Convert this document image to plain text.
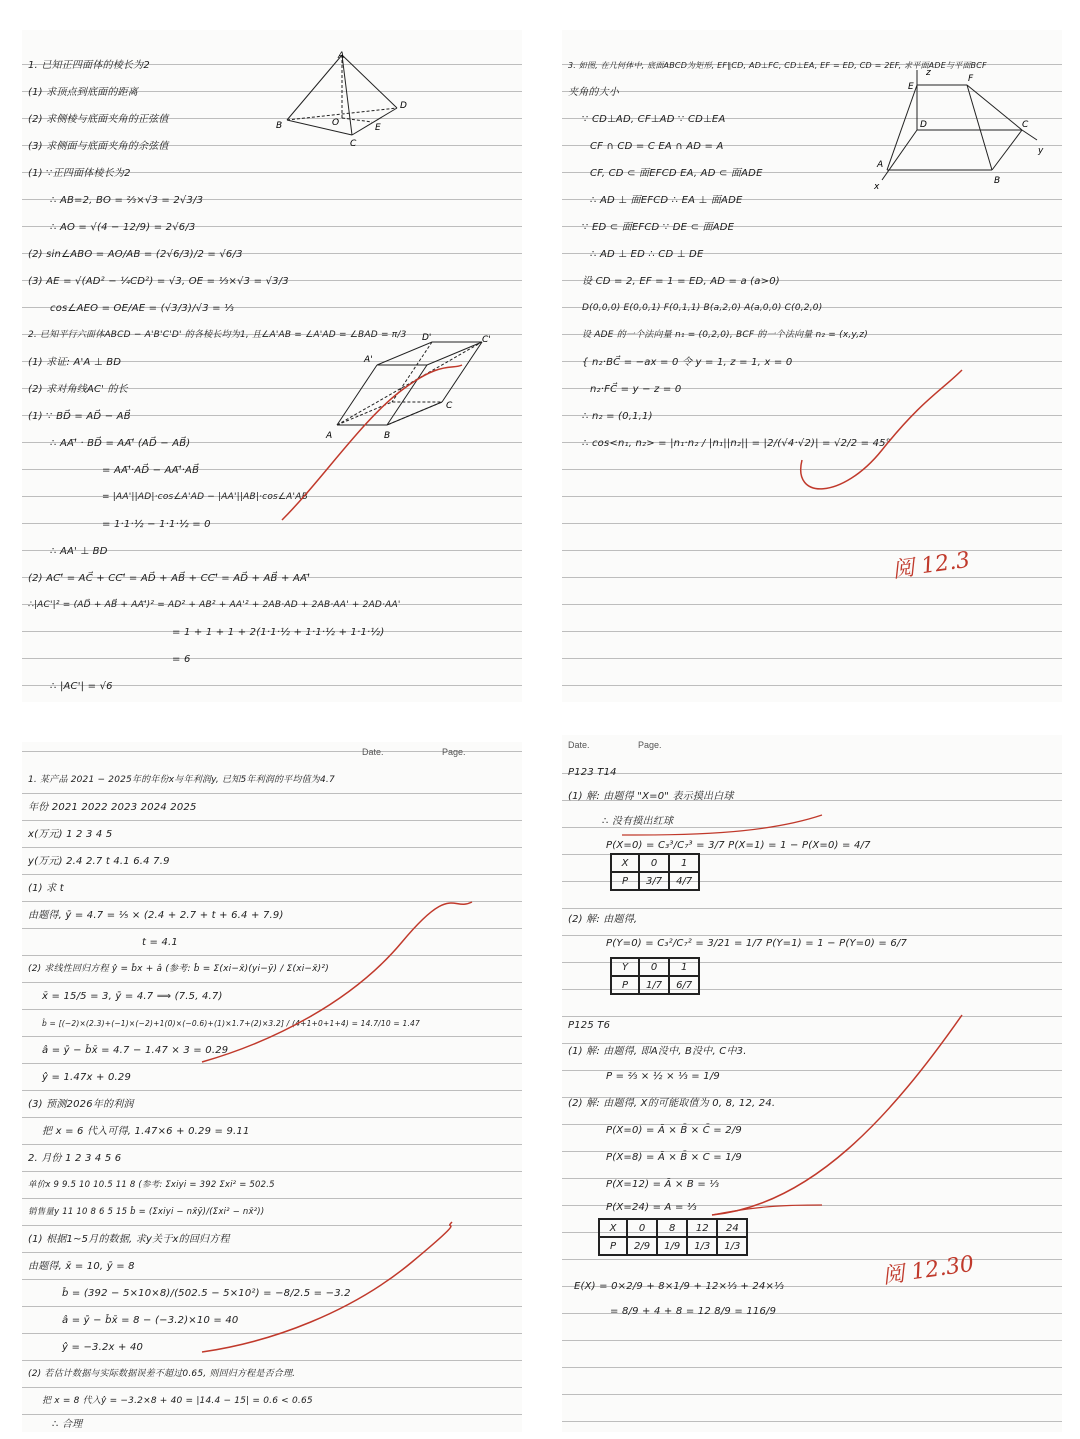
1. 已知正四面体的棱长为2
(1) 求顶点到底面的距离
(2) 求侧棱与底面夹角的正弦值
(3) 求侧面与底面夹角的余弦值
(1) ∵正四面体棱长为2
∴ AB=2, BO = ⅔×√3 = 2√3/3
∴ AO = √(4 − 12/9) = 2√6/3
(2) sin∠ABO = AO/AB = (2√6/3)/2 = √6/3
(3) AE = √(AD² − ¼CD²) = √3, OE = ⅓×√3 = √3/3
cos∠AEO = OE/AE = (√3/3)/√3 = ⅓
2. 已知平行六面体ABCD − A'B'C'D' 的各棱长均为1, 且∠A'AB = ∠A'AD = ∠BAD = π/3
(1) 求证: A'A ⊥ BD
(2) 求对角线AC' 的长
(1) ∵ BD⃗ = AD⃗ − AB⃗
∴ AA'⃗ · BD⃗ = AA'⃗ (AD⃗ − AB⃗)
= AA'⃗·AD⃗ − AA'⃗·AB⃗
= |AA'||AD|·cos∠A'AD − |AA'||AB|·cos∠A'AB
= 1·1·½ − 1·1·½ = 0
∴ AA' ⊥ BD
(2) AC'⃗ = AC⃗ + CC'⃗ = AD⃗ + AB⃗ + CC'⃗ = AD⃗ + AB⃗ + AA'⃗
∴|AC'|² = (AD⃗ + AB⃗ + AA'⃗)² = AD² + AB² + AA'² + 2AB·AD + 2AB·AA' + 2AD·AA'
= 1 + 1 + 1 + 2(1·1·½ + 1·1·½ + 1·1·½)
= 6
∴ |AC'| = √6
A
B
D
C
O	E
A'
D'	C'
A	B
C
3. 如图, 在几何体中, 底面ABCD为矩形, EF∥CD, AD⊥FC, CD⊥EA, EF = ED, CD = 2EF, 求平面ADE与平面BCF
夹角的大小
∵ CD⊥AD, CF⊥AD ∵ CD⊥EA
CF ∩ CD = C EA ∩ AD = A
CF, CD ⊂ 面EFCD EA, AD ⊂ 面ADE
∴ AD ⊥ 面EFCD ∴ EA ⊥ 面ADE
∵ ED ⊂ 面EFCD ∵ DE ⊂ 面ADE
∴ AD ⊥ ED ∴ CD ⊥ DE
设 CD = 2, EF = 1 = ED, AD = a (a>0)
D(0,0,0) E(0,0,1) F(0,1,1) B(a,2,0) A(a,0,0) C(0,2,0)
设 ADE 的一个法向量 n₁ = (0,2,0), BCF 的一个法向量 n₂ = (x,y,z)
{ n₂·BC⃗ = −ax = 0 令 y = 1, z = 1, x = 0
n₂·FC⃗ = y − z = 0
∴ n₂ = (0,1,1)
∴ cos<n₁, n₂> = |n₁·n₂ / |n₁||n₂|| = |2/(√4·√2)| = √2/2 = 45°
z
E
F
D	C
y
A
B
x
阅 12.3
Date.	Page.
1. 某产品 2021 − 2025年的年份x与年利润y, 已知5年利润的平均值为4.7
年份 2021 2022 2023 2024 2025
x(万元) 1 2 3 4 5
y(万元) 2.4 2.7 t 4.1 6.4 7.9
(1) 求 t
由题得, ȳ = 4.7 = ⅕ × (2.4 + 2.7 + t + 6.4 + 7.9)
t = 4.1
(2) 求线性回归方程 ŷ = b̂x + â (参考: b̂ = Σ(xi−x̄)(yi−ȳ) / Σ(xi−x̄)²)
x̄ = 15/5 = 3, ȳ = 4.7 ⟹ (7.5, 4.7)
b̂ = [(−2)×(2.3)+(−1)×(−2)+1(0)×(−0.6)+(1)×1.7+(2)×3.2] / (4+1+0+1+4) = 14.7/10 = 1.47
â = ȳ − b̂x̄ = 4.7 − 1.47 × 3 = 0.29
ŷ = 1.47x + 0.29
(3) 预测2026年的利润
把 x = 6 代入可得, 1.47×6 + 0.29 = 9.11
2. 月份 1 2 3 4 5 6
单价x 9 9.5 10 10.5 11 8 (参考: Σxiyi = 392 Σxi² = 502.5
销售量y 11 10 8 6 5 15 b̂ = (Σxiyi − nx̄ȳ)/(Σxi² − nx̄²))
(1) 根据1~5月的数据, 求y关于x的回归方程
由题得, x̄ = 10, ȳ = 8
b̂ = (392 − 5×10×8)/(502.5 − 5×10²) = −8/2.5 = −3.2
â = ȳ − b̂x̄ = 8 − (−3.2)×10 = 40
ŷ = −3.2x + 40
(2) 若估计数据与实际数据误差不超过0.65, 则回归方程是否合理.
把 x = 8 代入ŷ = −3.2×8 + 40 = |14.4 − 15| = 0.6 < 0.65
∴ 合理
Date.	Page.
P123 T14
(1) 解: 由题得 "X=0" 表示摸出白球
∴ 没有摸出红球
P(X=0) = C₃³/C₇³ = 3/7 P(X=1) = 1 − P(X=0) = 4/7
X	0	1
P	3/7	4/7
(2) 解: 由题得,
P(Y=0) = C₃²/C₇² = 3/21 = 1/7 P(Y=1) = 1 − P(Y=0) = 6/7
Y	0	1
P	1/7	6/7
P125 T6
(1) 解: 由题得, 即A没中, B没中, C中3.
P = ⅔ × ½ × ⅓ = 1/9
(2) 解: 由题得, X的可能取值为 0, 8, 12, 24.
P(X=0) = Ā × B̄ × C̄ = 2/9
P(X=8) = Ā × B̄ × C = 1/9
P(X=12) = Ā × B = ⅓
P(X=24) = A = ⅓
X	0	8	12	24
P	2/9	1/9	1/3	1/3
E(X) = 0×2/9 + 8×1/9 + 12×⅓ + 24×⅓
= 8/9 + 4 + 8 = 12 8/9 = 116/9
阅 12.30
